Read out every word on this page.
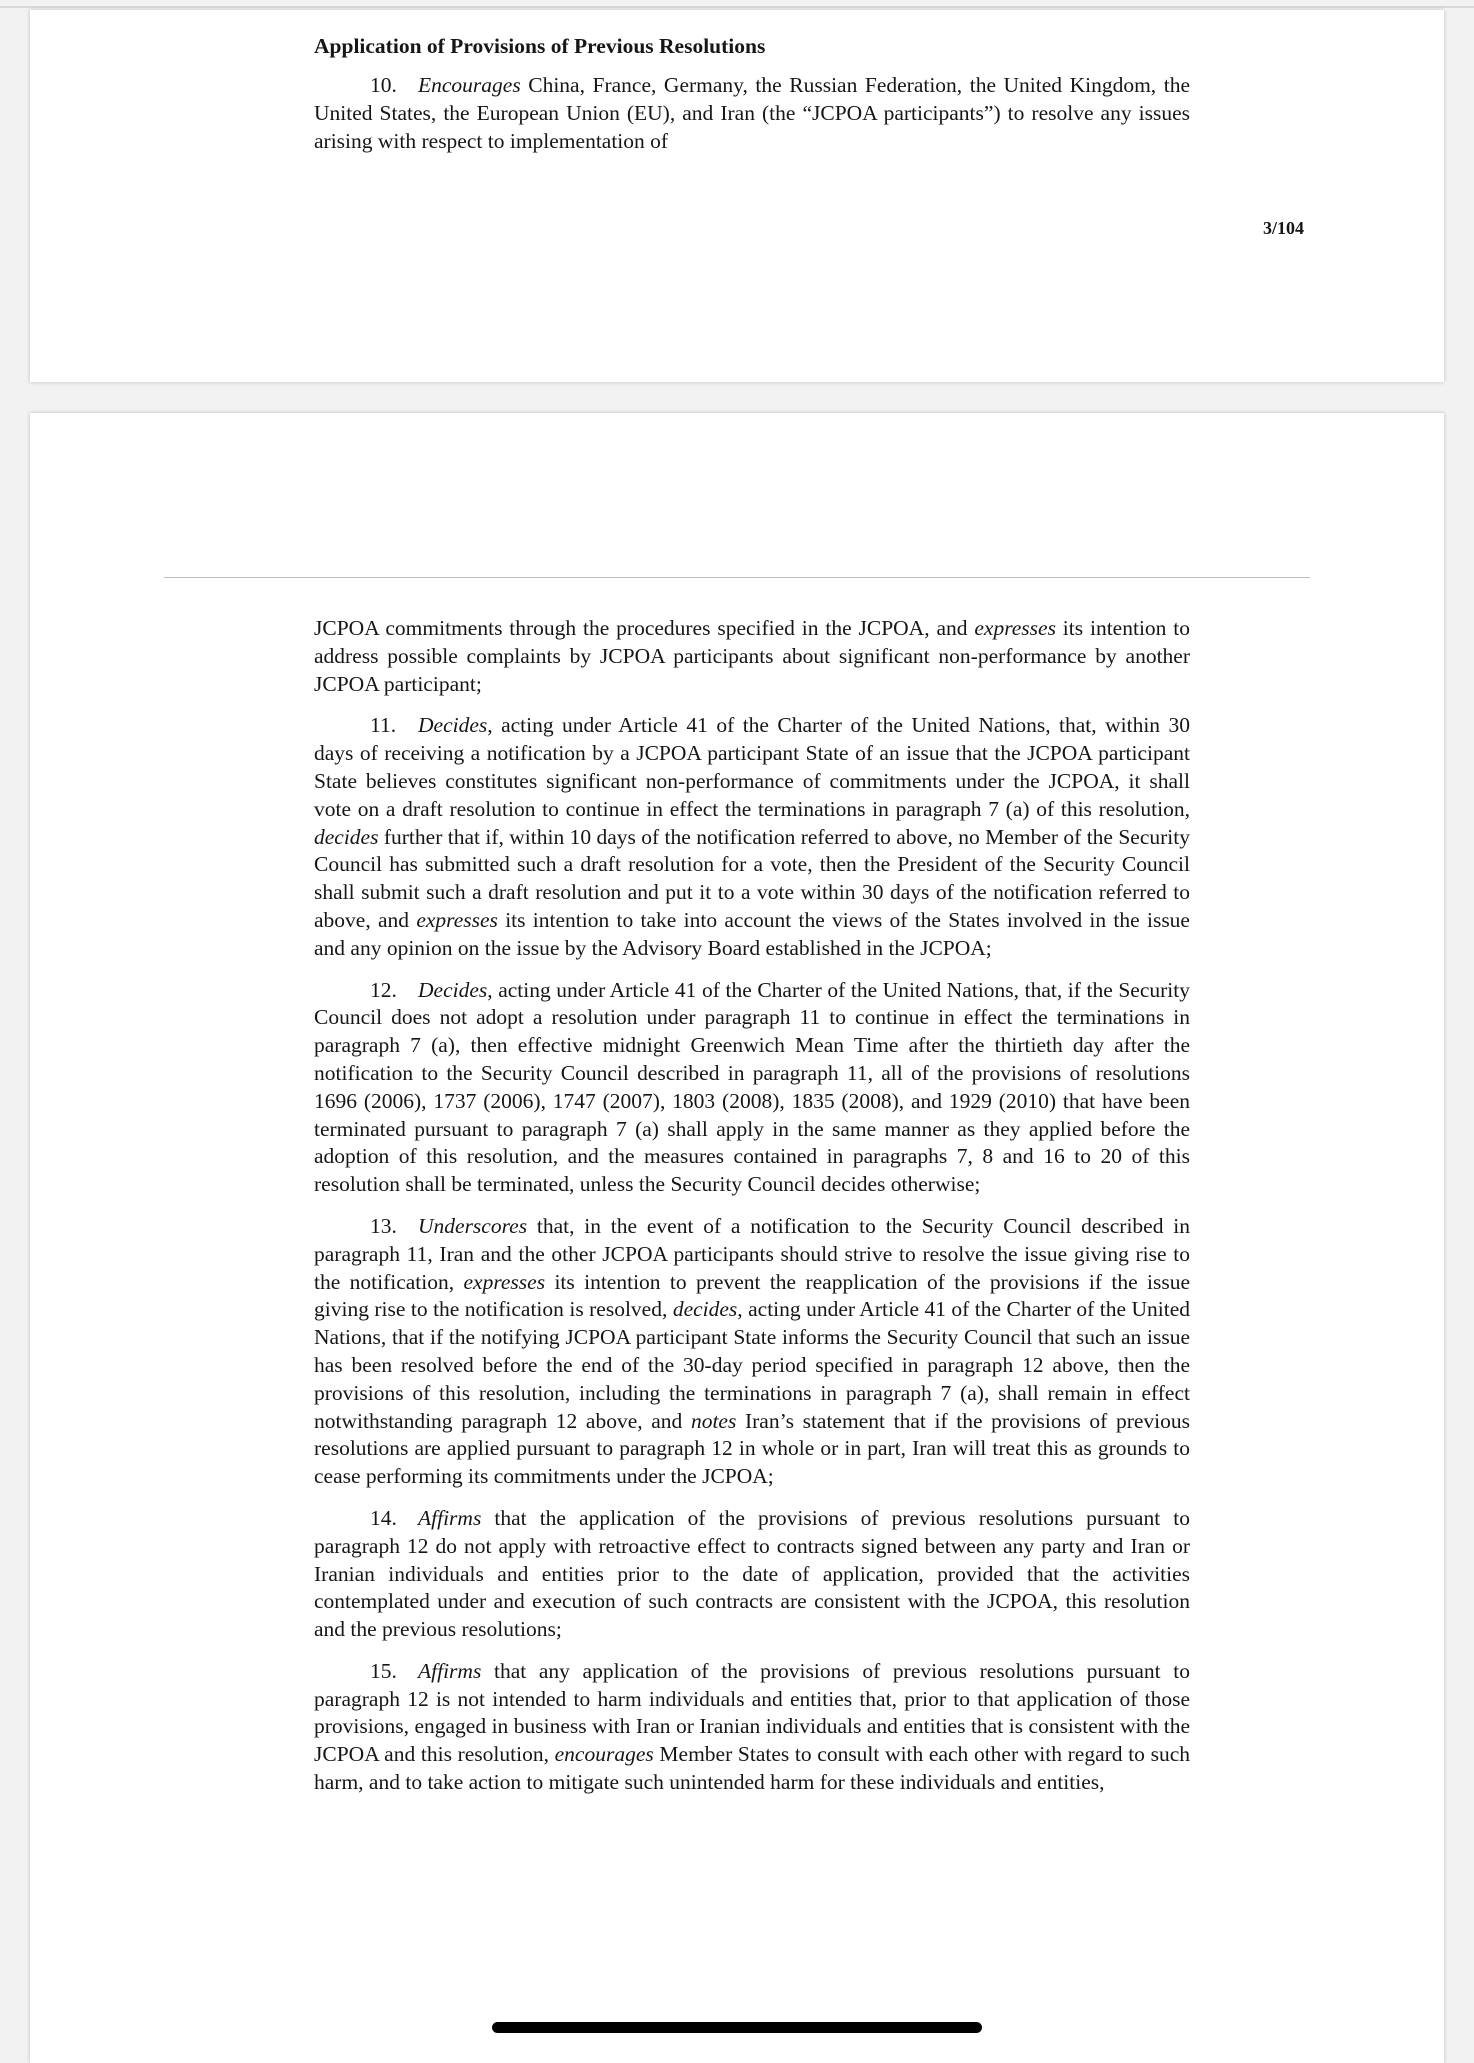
Application of Provisions of Previous Resolutions

10. Encourages China, France, Germany, the Russian Federation, the United Kingdom, the United States, the European Union (EU), and Iran (the “JCPOA participants”) to resolve any issues arising with respect to implementation of

3/104

JCPOA commitments through the procedures specified in the JCPOA, and expresses its intention to address possible complaints by JCPOA participants about significant non-performance by another JCPOA participant;

11. Decides, acting under Article 41 of the Charter of the United Nations, that, within 30 days of receiving a notification by a JCPOA participant State of an issue that the JCPOA participant State believes constitutes significant non-performance of commitments under the JCPOA, it shall vote on a draft resolution to continue in effect the terminations in paragraph 7 (a) of this resolution, decides further that if, within 10 days of the notification referred to above, no Member of the Security Council has submitted such a draft resolution for a vote, then the President of the Security Council shall submit such a draft resolution and put it to a vote within 30 days of the notification referred to above, and expresses its intention to take into account the views of the States involved in the issue and any opinion on the issue by the Advisory Board established in the JCPOA;

12. Decides, acting under Article 41 of the Charter of the United Nations, that, if the Security Council does not adopt a resolution under paragraph 11 to continue in effect the terminations in paragraph 7 (a), then effective midnight Greenwich Mean Time after the thirtieth day after the notification to the Security Council described in paragraph 11, all of the provisions of resolutions 1696 (2006), 1737 (2006), 1747 (2007), 1803 (2008), 1835 (2008), and 1929 (2010) that have been terminated pursuant to paragraph 7 (a) shall apply in the same manner as they applied before the adoption of this resolution, and the measures contained in paragraphs 7, 8 and 16 to 20 of this resolution shall be terminated, unless the Security Council decides otherwise;

13. Underscores that, in the event of a notification to the Security Council described in paragraph 11, Iran and the other JCPOA participants should strive to resolve the issue giving rise to the notification, expresses its intention to prevent the reapplication of the provisions if the issue giving rise to the notification is resolved, decides, acting under Article 41 of the Charter of the United Nations, that if the notifying JCPOA participant State informs the Security Council that such an issue has been resolved before the end of the 30-day period specified in paragraph 12 above, then the provisions of this resolution, including the terminations in paragraph 7 (a), shall remain in effect notwithstanding paragraph 12 above, and notes Iran’s statement that if the provisions of previous resolutions are applied pursuant to paragraph 12 in whole or in part, Iran will treat this as grounds to cease performing its commitments under the JCPOA;

14. Affirms that the application of the provisions of previous resolutions pursuant to paragraph 12 do not apply with retroactive effect to contracts signed between any party and Iran or Iranian individuals and entities prior to the date of application, provided that the activities contemplated under and execution of such contracts are consistent with the JCPOA, this resolution and the previous resolutions;

15. Affirms that any application of the provisions of previous resolutions pursuant to paragraph 12 is not intended to harm individuals and entities that, prior to that application of those provisions, engaged in business with Iran or Iranian individuals and entities that is consistent with the JCPOA and this resolution, encourages Member States to consult with each other with regard to such harm, and to take action to mitigate such unintended harm for these individuals and entities,
